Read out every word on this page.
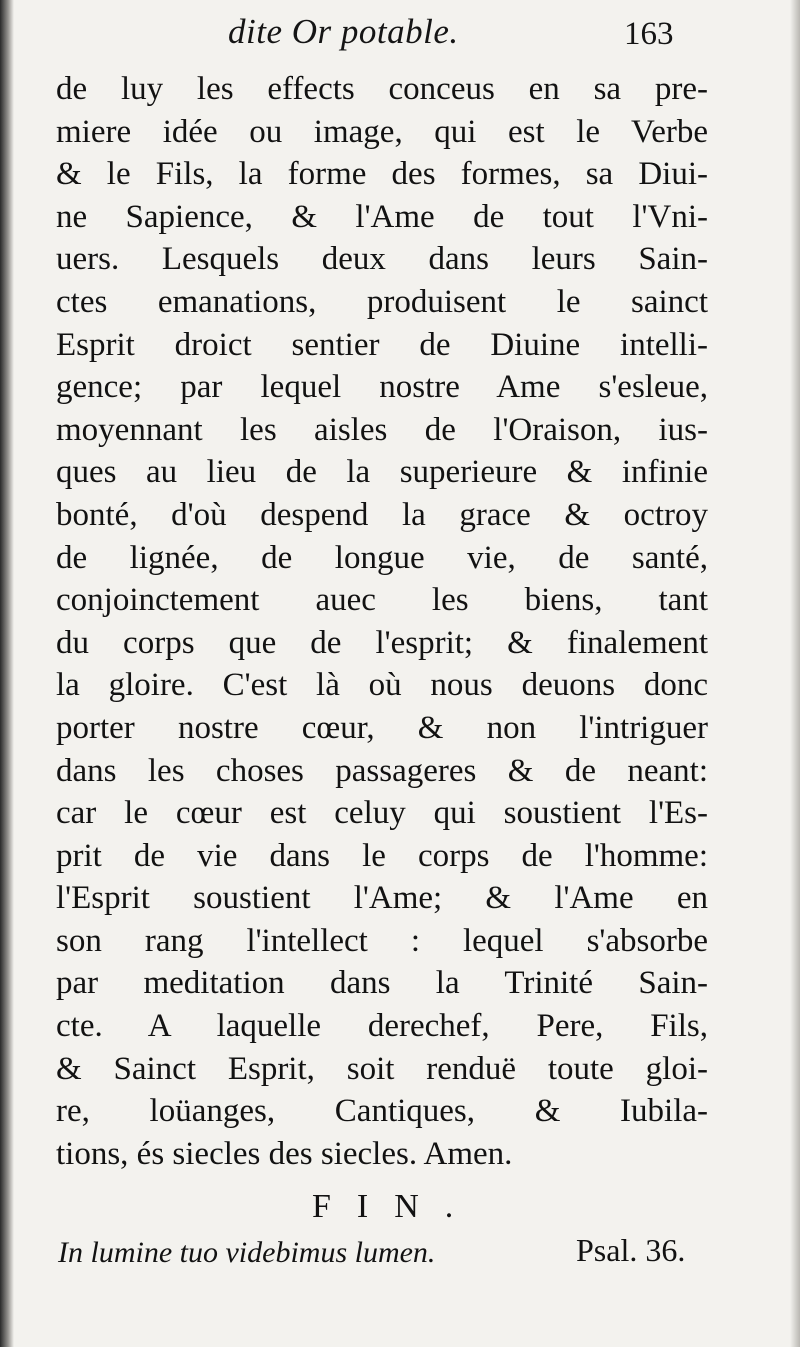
dite Or potable.	163
de luy les effects conceus en sa pre-
miere idée ou image, qui est le Verbe
& le Fils, la forme des formes, sa Diui-
ne Sapience, & l'Ame de tout l'Vni-
uers. Lesquels deux dans leurs Sain-
ctes emanations, produisent le sainct
Esprit droict sentier de Diuine intelli-
gence; par lequel nostre Ame s'esleue,
moyennant les aisles de l'Oraison, ius-
ques au lieu de la superieure & infinie
bonté, d'où despend la grace & octroy
de lignée, de longue vie, de santé,
conjoinctement auec les biens, tant
du corps que de l'esprit; & finalement
la gloire. C'est là où nous deuons donc
porter nostre cœur, & non l'intriguer
dans les choses passageres & de neant:
car le cœur est celuy qui soustient l'Es-
prit de vie dans le corps de l'homme:
l'Esprit soustient l'Ame; & l'Ame en
son rang l'intellect : lequel s'absorbe
par meditation dans la Trinité Sain-
cte. A laquelle derechef, Pere, Fils,
& Sainct Esprit, soit renduë toute gloi-
re, loüanges, Cantiques, & Iubila-
tions, és siecles des siecles. Amen.
FIN.
In lumine tuo videbimus lumen.	Psal. 36.
